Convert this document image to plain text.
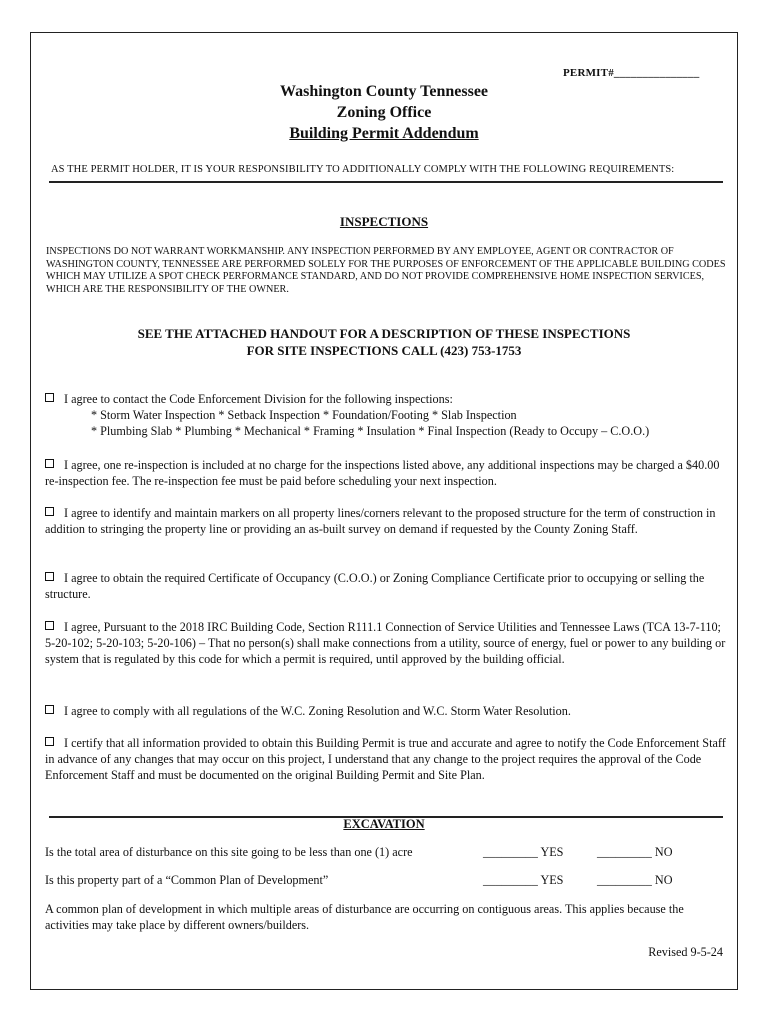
PERMIT#_______________
Washington County Tennessee
Zoning Office
Building Permit Addendum
AS THE PERMIT HOLDER, IT IS YOUR RESPONSIBILITY TO ADDITIONALLY COMPLY WITH THE FOLLOWING REQUIREMENTS:
INSPECTIONS
INSPECTIONS DO NOT WARRANT WORKMANSHIP. ANY INSPECTION PERFORMED BY ANY EMPLOYEE, AGENT OR CONTRACTOR OF WASHINGTON COUNTY, TENNESSEE ARE PERFORMED SOLELY FOR THE PURPOSES OF ENFORCEMENT OF THE APPLICABLE BUILDING CODES WHICH MAY UTILIZE A SPOT CHECK PERFORMANCE STANDARD, AND DO NOT PROVIDE COMPREHENSIVE HOME INSPECTION SERVICES, WHICH ARE THE RESPONSIBILITY OF THE OWNER.
SEE THE ATTACHED HANDOUT FOR A DESCRIPTION OF THESE INSPECTIONS
FOR SITE INSPECTIONS CALL (423) 753-1753
I agree to contact the Code Enforcement Division for the following inspections:
* Storm Water Inspection * Setback Inspection * Foundation/Footing * Slab Inspection
* Plumbing Slab * Plumbing * Mechanical * Framing * Insulation * Final Inspection (Ready to Occupy – C.O.O.)
I agree, one re-inspection is included at no charge for the inspections listed above, any additional inspections may be charged a $40.00 re-inspection fee. The re-inspection fee must be paid before scheduling your next inspection.
I agree to identify and maintain markers on all property lines/corners relevant to the proposed structure for the term of construction in addition to stringing the property line or providing an as-built survey on demand if requested by the County Zoning Staff.
I agree to obtain the required Certificate of Occupancy (C.O.O.) or Zoning Compliance Certificate prior to occupying or selling the structure.
I agree, Pursuant to the 2018 IRC Building Code, Section R111.1 Connection of Service Utilities and Tennessee Laws (TCA 13-7-110; 5-20-102; 5-20-103; 5-20-106) – That no person(s) shall make connections from a utility, source of energy, fuel or power to any building or system that is regulated by this code for which a permit is required, until approved by the building official.
I agree to comply with all regulations of the W.C. Zoning Resolution and W.C. Storm Water Resolution.
I certify that all information provided to obtain this Building Permit is true and accurate and agree to notify the Code Enforcement Staff in advance of any changes that may occur on this project, I understand that any change to the project requires the approval of the Code Enforcement Staff and must be documented on the original Building Permit and Site Plan.
EXCAVATION
Is the total area of disturbance on this site going to be less than one (1) acre	_________ YES	_________ NO
Is this property part of a “Common Plan of Development”	_________ YES	_________ NO
A common plan of development in which multiple areas of disturbance are occurring on contiguous areas. This applies because the activities may take place by different owners/builders.
Revised 9-5-24
